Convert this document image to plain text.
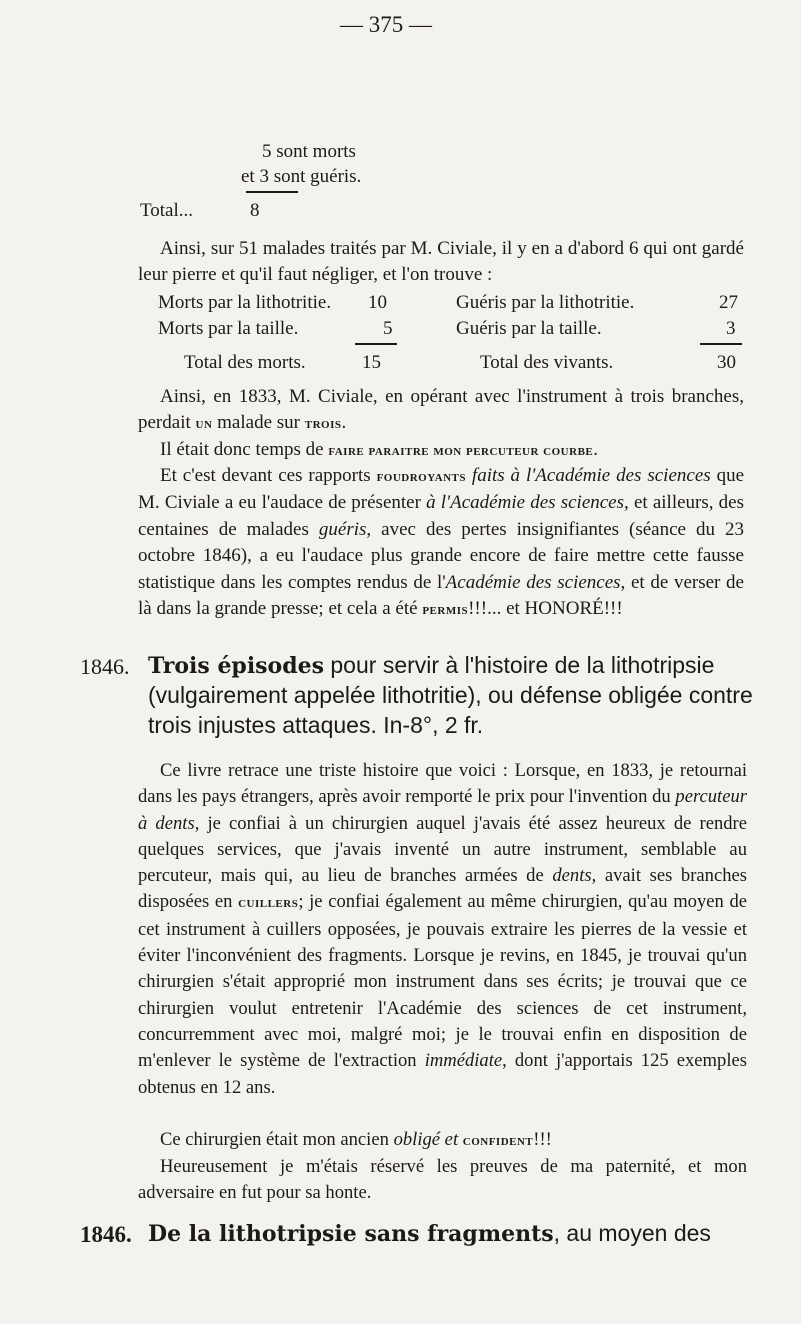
— 375 —
5 sont morts
et 3 sont guéris.
Total...	8

Ainsi, sur 51 malades traités par M. Civiale, il y en a d'abord 6 qui ont gardé leur pierre et qu'il faut négliger, et l'on trouve :

Morts par la lithotritie. 10	Guéris par la lithotritie.	27
Morts par la taille.	5	Guéris par la taille.	3
Total des morts.	15	Total des vivants.	30

Ainsi, en 1833, M. Civiale, en opérant avec l'instrument à trois branches, perdait un malade sur trois.

Il était donc temps de faire paraitre mon percuteur courbe.

Et c'est devant ces rapports foudroyants faits à l'Académie des sciences que M. Civiale a eu l'audace de présenter à l'Académie des sciences, et ailleurs, des centaines de malades guéris, avec des pertes insignifiantes (séance du 23 octobre 1846), a eu l'audace plus grande encore de faire mettre cette fausse statistique dans les comptes rendus de l'Académie des sciences, et de verser de là dans la grande presse; et cela a été permis!!!... et HONORÉ!!!

1846. Trois épisodes pour servir à l'histoire de la lithotripsie
(vulgairement appelée lithotritie), ou défense obligée contre
trois injustes attaques. In-8°, 2 fr.

Ce livre retrace une triste histoire que voici : Lorsque, en 1833, je retournai dans les pays étrangers, après avoir remporté le prix pour l'invention du percuteur à dents, je confiai à un chirurgien auquel j'avais été assez heureux de rendre quelques services, que j'avais inventé un autre instrument, semblable au percuteur, mais qui, au lieu de branches armées de dents, avait ses branches disposées en cuillers; je confiai également au même chirurgien, qu'au moyen de cet instrument à cuillers opposées, je pouvais extraire les pierres de la vessie et éviter l'inconvénient des fragments. Lorsque je revins, en 1845, je trouvai qu'un chirurgien s'était approprié mon instrument dans ses écrits; je trouvai que ce chirurgien voulut entretenir l'Académie des sciences de cet instrument, concurremment avec moi, malgré moi; je le trouvai enfin en disposition de m'enlever le système de l'extraction immédiate, dont j'apportais 125 exemples obtenus en 12 ans.

Ce chirurgien était mon ancien obligé et confident!!!

Heureusement je m'étais réservé les preuves de ma paternité, et mon adversaire en fut pour sa honte.

1846. De la lithotripsie sans fragments, au moyen des
